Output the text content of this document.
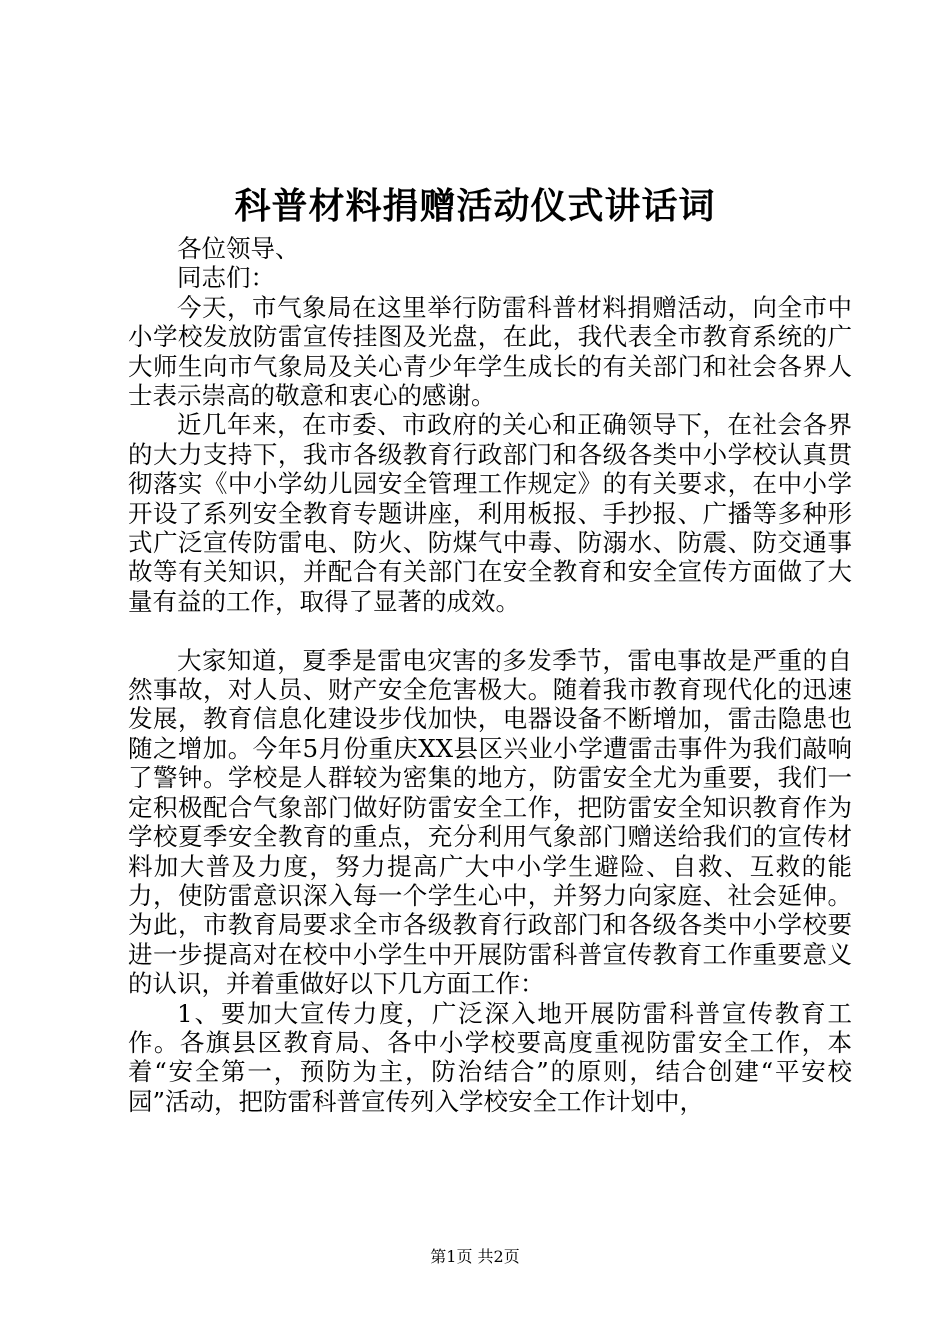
科普材料捐赠活动仪式讲话词

各位领导、

同志们：

今天，市气象局在这里举行防雷科普材料捐赠活动，向全市中小学校发放防雷宣传挂图及光盘，在此，我代表全市教育系统的广大师生向市气象局及关心青少年学生成长的有关部门和社会各界人士表示崇高的敬意和衷心的感谢。

近几年来，在市委、市政府的关心和正确领导下，在社会各界的大力支持下，我市各级教育行政部门和各级各类中小学校认真贯彻落实《中小学幼儿园安全管理工作规定》的有关要求，在中小学开设了系列安全教育专题讲座，利用板报、手抄报、广播等多种形式广泛宣传防雷电、防火、防煤气中毒、防溺水、防震、防交通事故等有关知识，并配合有关部门在安全教育和安全宣传方面做了大量有益的工作，取得了显著的成效。

大家知道，夏季是雷电灾害的多发季节，雷电事故是严重的自然事故，对人员、财产安全危害极大。随着我市教育现代化的迅速发展，教育信息化建设步伐加快，电器设备不断增加，雷击隐患也随之增加。今年5月份重庆XX县区兴业小学遭雷击事件为我们敲响了警钟。学校是人群较为密集的地方，防雷安全尤为重要，我们一定积极配合气象部门做好防雷安全工作，把防雷安全知识教育作为学校夏季安全教育的重点，充分利用气象部门赠送给我们的宣传材料加大普及力度，努力提高广大中小学生避险、自救、互救的能力，使防雷意识深入每一个学生心中，并努力向家庭、社会延伸。为此，市教育局要求全市各级教育行政部门和各级各类中小学校要进一步提高对在校中小学生中开展防雷科普宣传教育工作重要意义的认识，并着重做好以下几方面工作：

1、要加大宣传力度，广泛深入地开展防雷科普宣传教育工作。各旗县区教育局、各中小学校要高度重视防雷安全工作，本着“安全第一，预防为主，防治结合”的原则，结合创建“平安校园”活动，把防雷科普宣传列入学校安全工作计划中，

第1页 共2页
